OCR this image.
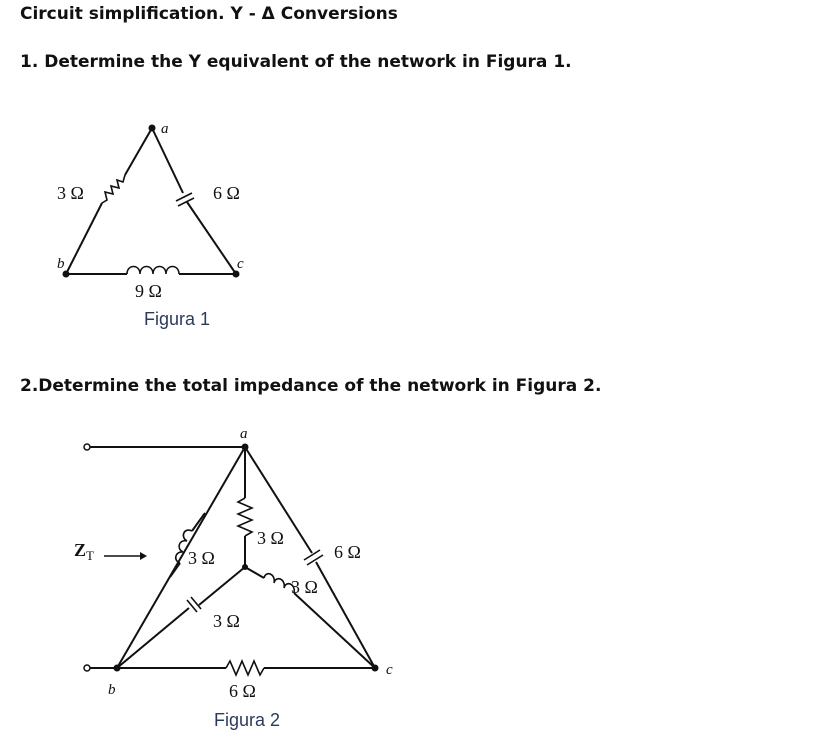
Circuit simplification. Y - Δ Conversions
1. Determine the Y equivalent of the network in Figura 1.
2.Determine the total impedance of the network in Figura 2.
a
b	c
3 Ω	6 Ω
9 Ω
Figura 1
$Z_T$
a
b
c
3 Ω
3 Ω	6 Ω
3 Ω
3 Ω
6 Ω
Figura 2
